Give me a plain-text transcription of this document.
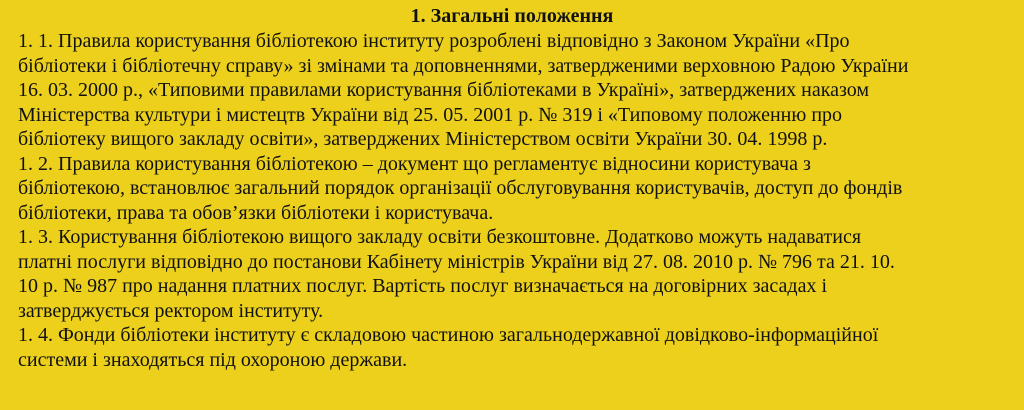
1. Загальні положення
1. 1. Правила користування бібліотекою інституту розроблені відповідно з Законом України «Про
бібліотеки і бібліотечну справу» зі змінами та доповненнями, затвердженими верховною Радою України
16. 03. 2000 р., «Типовими правилами користування бібліотеками в Україні», затверджених наказом
Міністерства культури і мистецтв України від 25. 05. 2001 р. № 319 і «Типовому положенню про
бібліотеку вищого закладу освіти», затверджених Міністерством освіти України 30. 04. 1998 р.
1. 2. Правила користування бібліотекою – документ що регламентує відносини користувача з
бібліотекою, встановлює загальний порядок організації обслуговування користувачів, доступ до фондів
бібліотеки, права та обов’язки бібліотеки і користувача.
1. 3. Користування бібліотекою вищого закладу освіти безкоштовне. Додатково можуть надаватися
платні послуги відповідно до постанови Кабінету міністрів України від 27. 08. 2010 р. № 796 та 21. 10.
10 р. № 987 про надання платних послуг. Вартість послуг визначається на договірних засадах і
затверджується ректором інституту.
1. 4. Фонди бібліотеки інституту є складовою частиною загальнодержавної довідково-інформаційної
системи і знаходяться під охороною держави.
